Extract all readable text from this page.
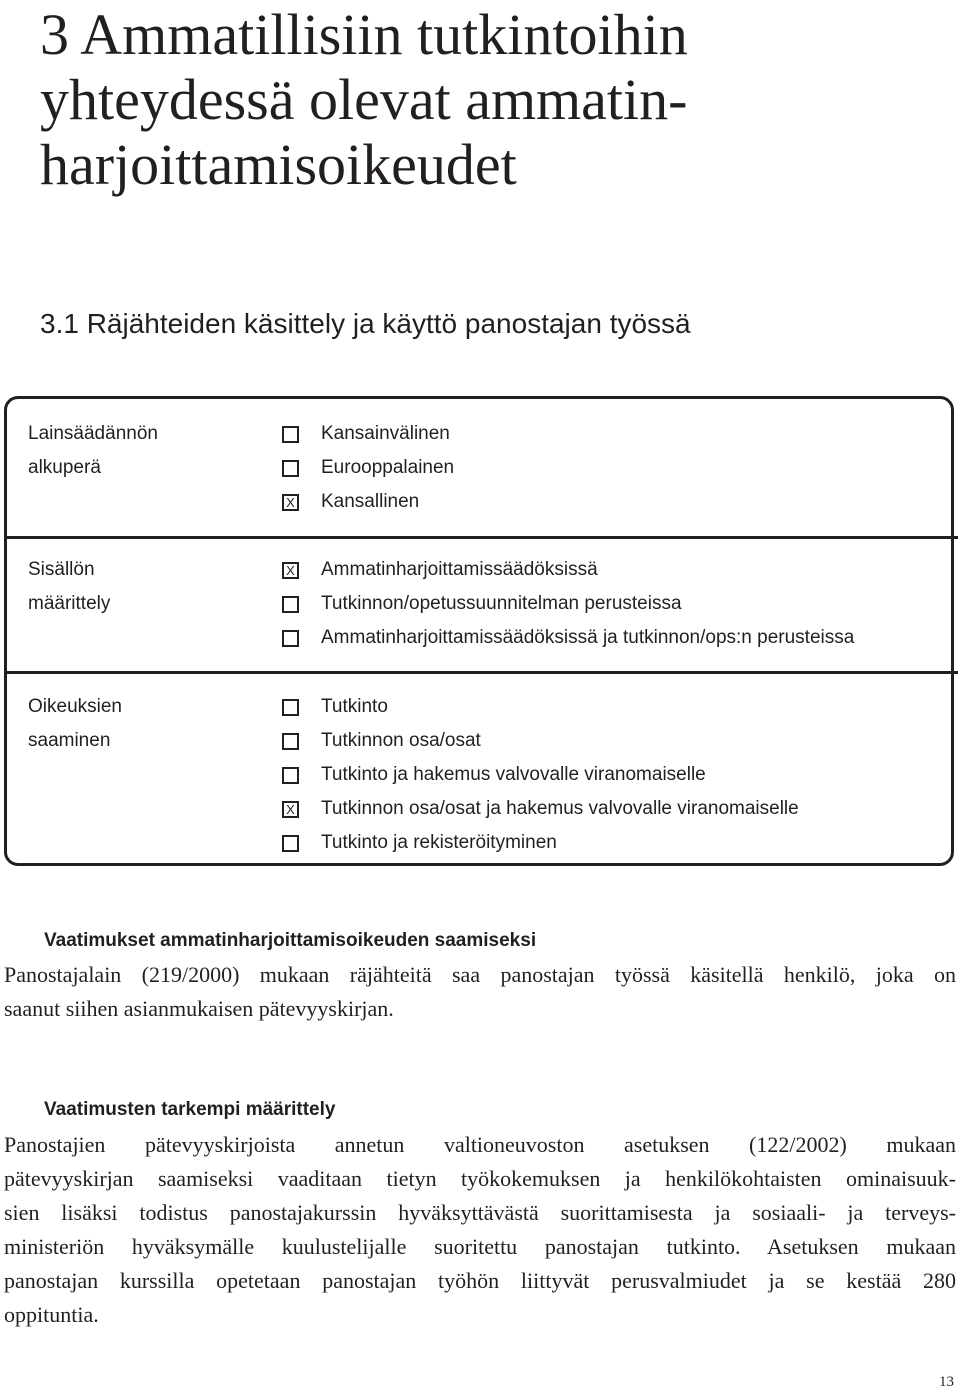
3 Ammatillisiin tutkintoihin
yhteydessä olevat ammatin-
harjoittamisoikeudet
3.1 Räjähteiden käsittely ja käyttö panostajan työssä
Lainsäädännön
alkuperä
Kansainvälinen
Eurooppalainen
X Kansallinen
Sisällön
määrittely
X Ammatinharjoittamissäädöksissä
Tutkinnon/opetussuunnitelman perusteissa
Ammatinharjoittamissäädöksissä ja tutkinnon/ops:n perusteissa
Oikeuksien
saaminen
Tutkinto
Tutkinnon osa/osat
Tutkinto ja hakemus valvovalle viranomaiselle
X Tutkinnon osa/osat ja hakemus valvovalle viranomaiselle
Tutkinto ja rekisteröityminen
Vaatimukset ammatinharjoittamisoikeuden saamiseksi

Panostajalain (219/2000) mukaan räjähteitä saa panostajan työssä käsitellä henkilö, joka on
saanut siihen asianmukaisen pätevyyskirjan.

Vaatimusten tarkempi määrittely

Panostajien pätevyyskirjoista annetun valtioneuvoston asetuksen (122/2002) mukaan
pätevyyskirjan saamiseksi vaaditaan tietyn työkokemuksen ja henkilökohtaisten ominaisuuk-
sien lisäksi todistus panostajakurssin hyväksyttävästä suorittamisesta ja sosiaali- ja terveys-
ministeriön hyväksymälle kuulustelijalle suoritettu panostajan tutkinto. Asetuksen mukaan
panostajan kurssilla opetetaan panostajan työhön liittyvät perusvalmiudet ja se kestää 280
oppituntia.

13
